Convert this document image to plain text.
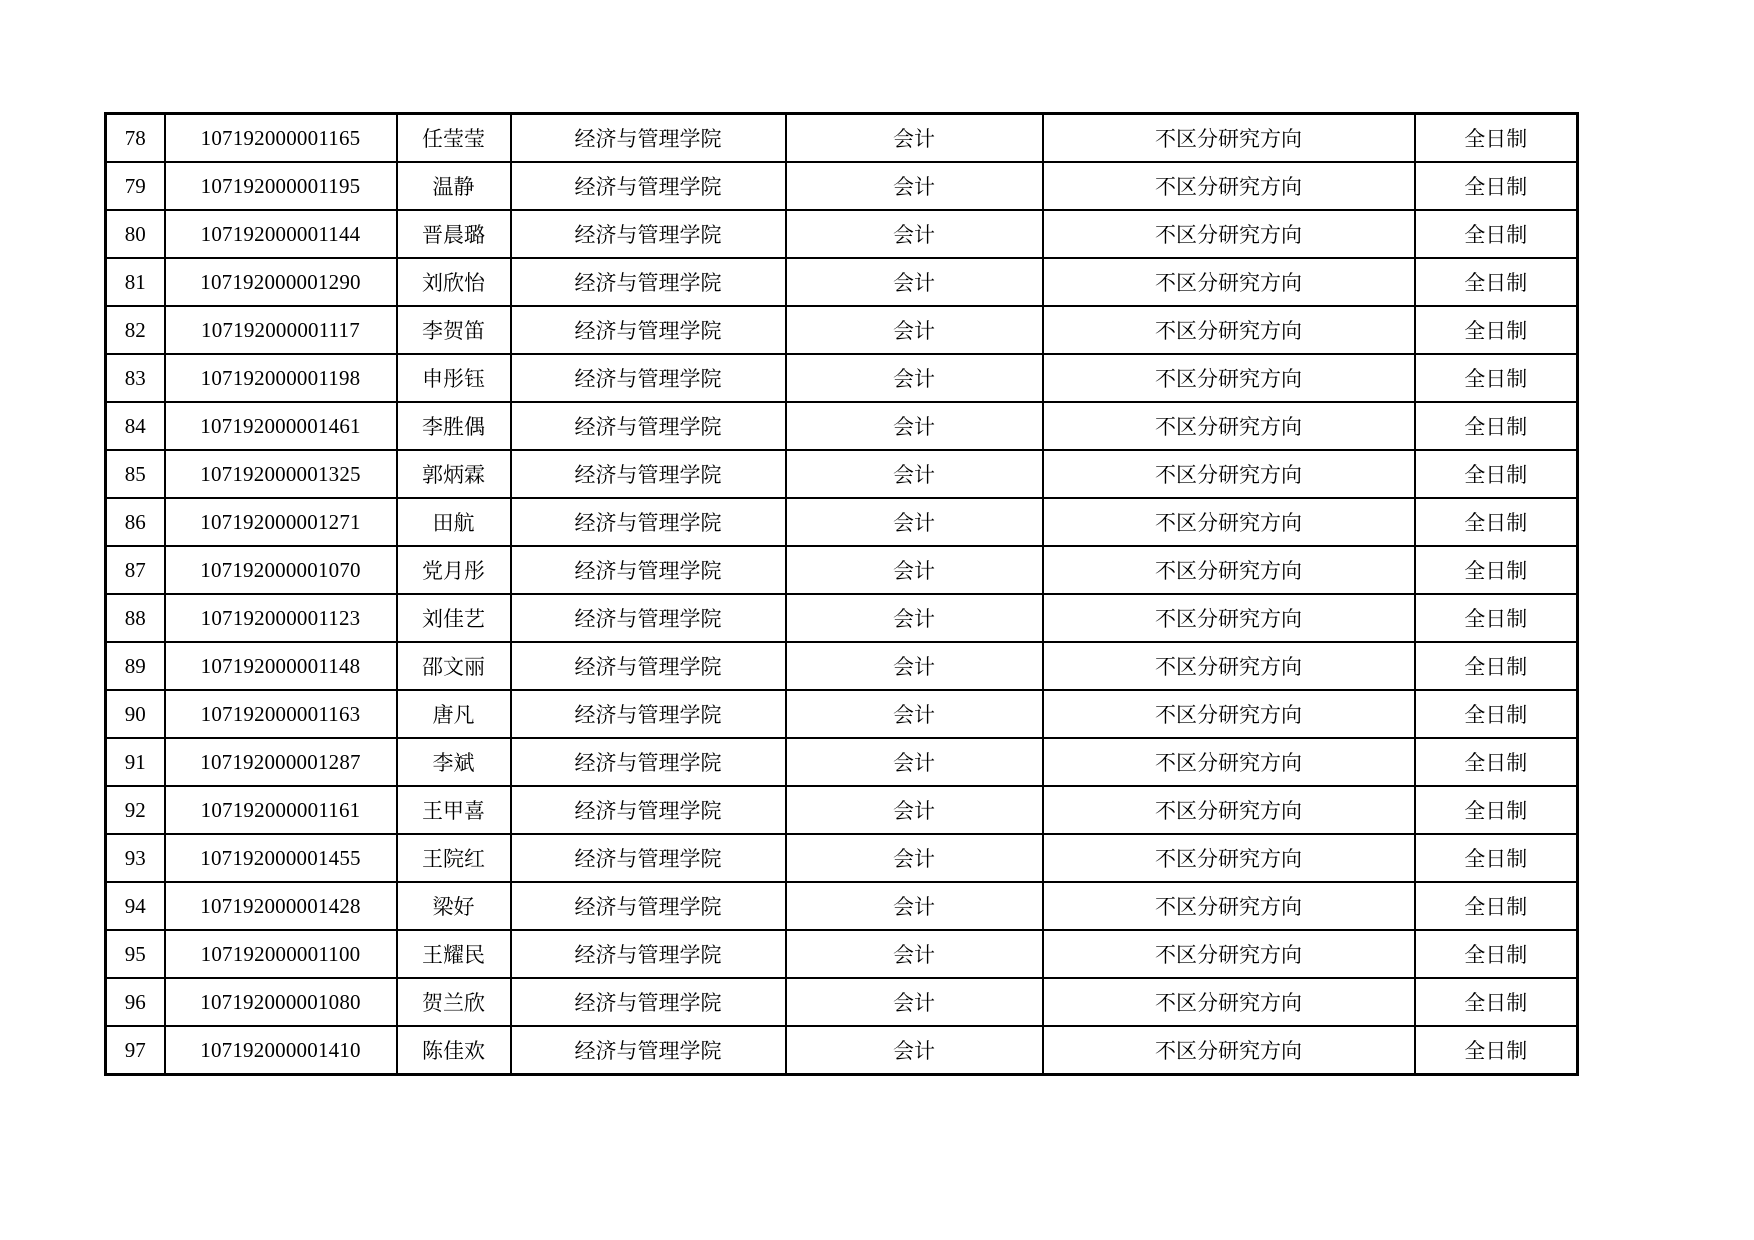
78	107192000001165	任莹莹	经济与管理学院	会计	不区分研究方向	全日制
79	107192000001195	温静	经济与管理学院	会计	不区分研究方向	全日制
80	107192000001144	晋晨璐	经济与管理学院	会计	不区分研究方向	全日制
81	107192000001290	刘欣怡	经济与管理学院	会计	不区分研究方向	全日制
82	107192000001117	李贺笛	经济与管理学院	会计	不区分研究方向	全日制
83	107192000001198	申彤钰	经济与管理学院	会计	不区分研究方向	全日制
84	107192000001461	李胜偶	经济与管理学院	会计	不区分研究方向	全日制
85	107192000001325	郭炳霖	经济与管理学院	会计	不区分研究方向	全日制
86	107192000001271	田航	经济与管理学院	会计	不区分研究方向	全日制
87	107192000001070	党月彤	经济与管理学院	会计	不区分研究方向	全日制
88	107192000001123	刘佳艺	经济与管理学院	会计	不区分研究方向	全日制
89	107192000001148	邵文丽	经济与管理学院	会计	不区分研究方向	全日制
90	107192000001163	唐凡	经济与管理学院	会计	不区分研究方向	全日制
91	107192000001287	李斌	经济与管理学院	会计	不区分研究方向	全日制
92	107192000001161	王甲喜	经济与管理学院	会计	不区分研究方向	全日制
93	107192000001455	王院红	经济与管理学院	会计	不区分研究方向	全日制
94	107192000001428	梁好	经济与管理学院	会计	不区分研究方向	全日制
95	107192000001100	王耀民	经济与管理学院	会计	不区分研究方向	全日制
96	107192000001080	贺兰欣	经济与管理学院	会计	不区分研究方向	全日制
97	107192000001410	陈佳欢	经济与管理学院	会计	不区分研究方向	全日制
